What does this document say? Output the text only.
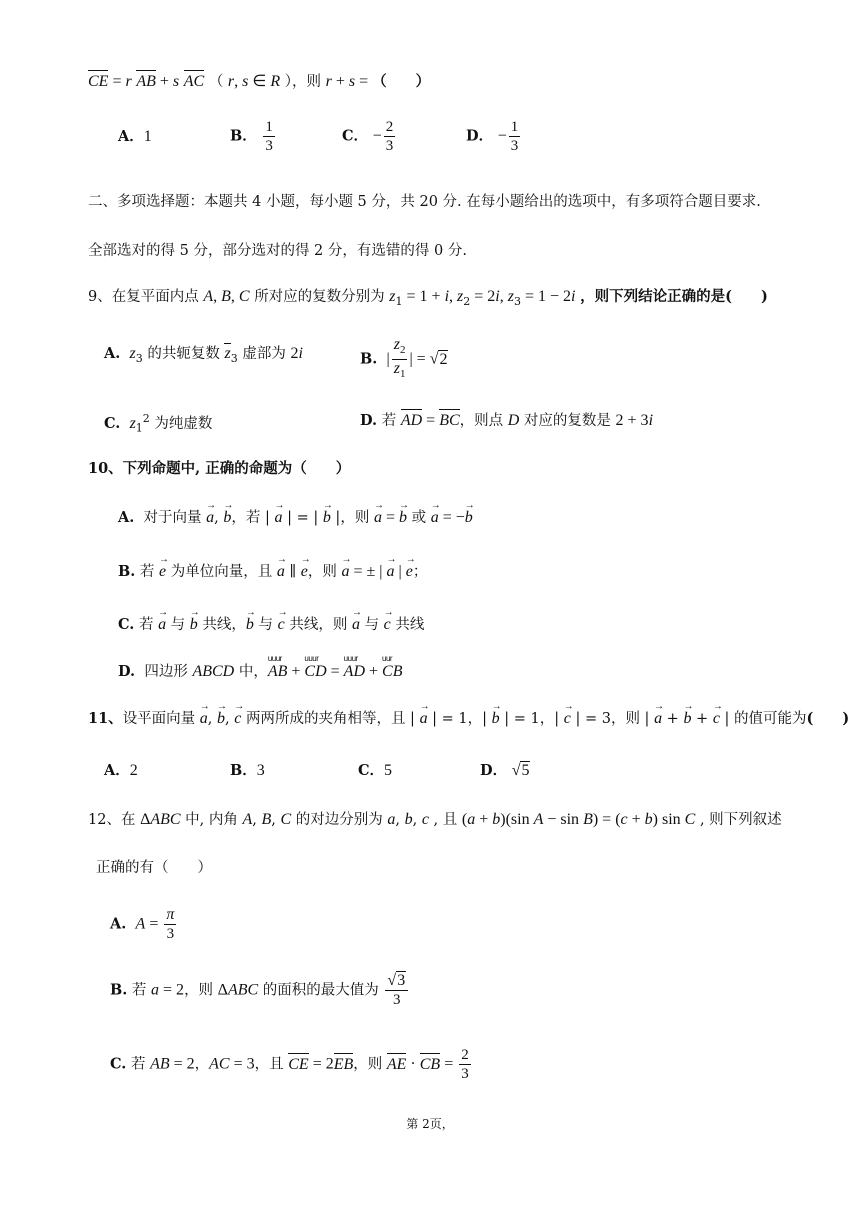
CE = r AB + s AC （ r, s ∈ R ），则 r + s = （　　）
A．1	B． $\frac{1}{3}$	C． − $\frac{2}{3}$	D． − $\frac{1}{3}$
二、多项选择题：本题共 4 小题，每小题 5 分，共 20 分. 在每小题给出的选项中，有多项符合题目要求.
全部选对的得 5 分，部分选对的得 2 分，有选错的得 0 分.
9、在复平面内点 A, B, C 所对应的复数分别为 $z_1 = 1 + i$, $z_2 = 2i$, $z_3 = 1 - 2i$ ，则下列结论正确的是(　　)
A. $z_3$ 的共轭复数 $z_3$ 虚部为 2i	B. | $\frac{z_2}{z_1}$ | = √2
C. $z_1^2$ 为纯虚数	D. 若 AD = BC，则点 D 对应的复数是 2 + 3i
10、下列命题中, 正确的命题为（　　）
A.  对于向量 a →, b →，若 | a → | = | b → |，则 a → = b → 或 a → = −b →
B. 若 e → 为单位向量，且 a → ∥ e →，则 a → = ± | a → | e →；
C. 若 a → 与 b → 共线，b → 与 c → 共线，则 a → 与 c → 共线
D.  四边形 ABCD 中，uuur AB + uuur CD = uuur AD + uur CB
11、设平面向量 a →, b →, c → 两两所成的夹角相等，且 | a → | = 1，| b → | = 1，| c → | = 3，则 | a → + b → + c → | 的值可能为(　　)
A．2	B．3	C．5	D． √5
12、在 ΔABC 中, 内角 A, B, C 的对边分别为 a, b, c , 且 (a + b)(sin A − sin B) = (c + b) sin C , 则下列叙述
正确的有（　　）
A. $A = \frac{\pi}{3}$
B. 若 a = 2，则 ΔABC 的面积的最大值为 $\frac{√3}{3}$
C. 若 AB = 2，AC = 3，且 CE = 2EB，则 AE · CB = $\frac{2}{3}$
第 2页，
